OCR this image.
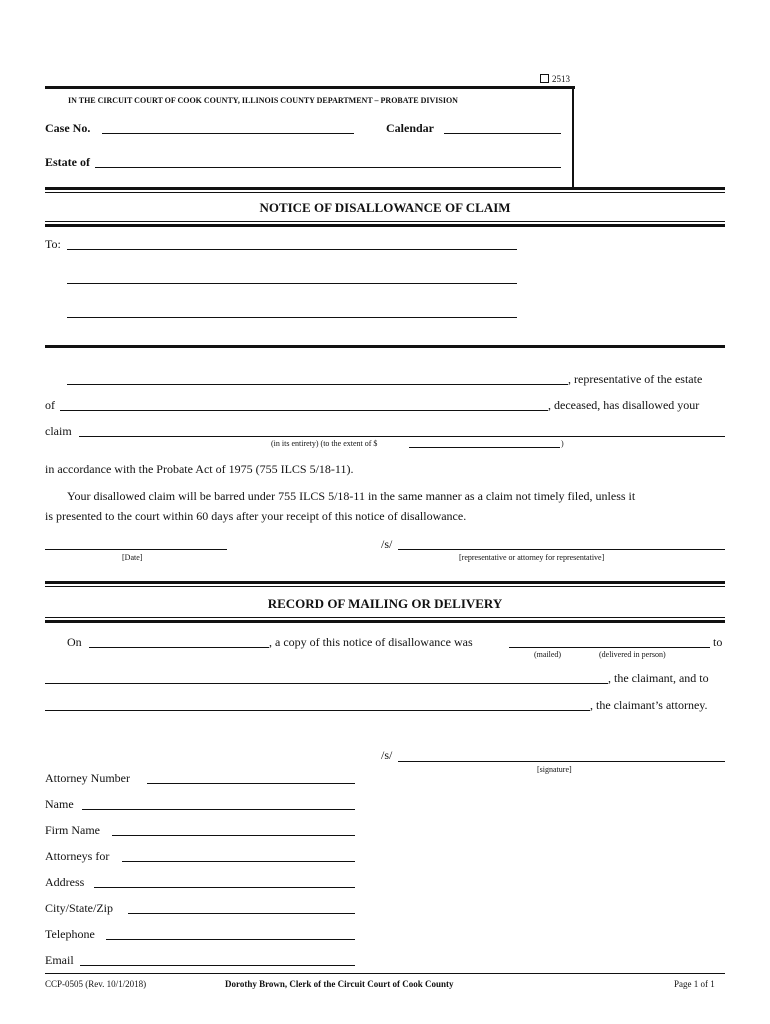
2513
IN THE CIRCUIT COURT OF COOK COUNTY, ILLINOIS COUNTY DEPARTMENT – PROBATE DIVISION
Case No.	Calendar
Estate of
NOTICE OF DISALLOWANCE OF CLAIM
To:
, representative of the estate
of	, deceased, has disallowed your
claim
(in its entirety) (to the extent of $	)
in accordance with the Probate Act of 1975 (755 ILCS 5/18-11).
Your disallowed claim will be barred under 755 ILCS 5/18-11 in the same manner as a claim not timely filed, unless it
is presented to the court within 60 days after your receipt of this notice of disallowance.
[Date]
/s/
[representative or attorney for representative]
RECORD OF MAILING OR DELIVERY
On	, a copy of this notice of disallowance was	to
(mailed)	(delivered in person)
, the claimant, and to
, the claimant’s attorney.
/s/
[signature]
Attorney Number
Name
Firm Name
Attorneys for
Address
City/State/Zip
Telephone
Email
CCP-0505 (Rev. 10/1/2018)	Dorothy Brown, Clerk of the Circuit Court of Cook County	Page 1 of 1
